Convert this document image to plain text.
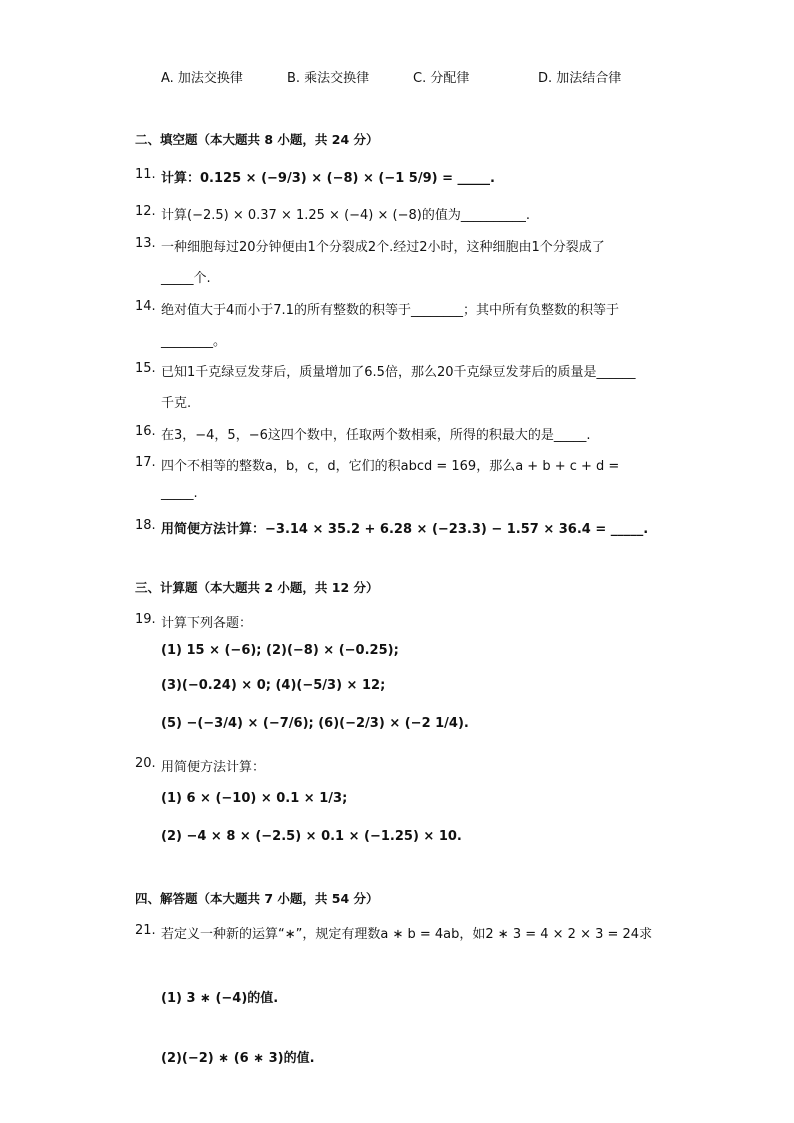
A. 加法交换律	B. 乘法交换律	C. 分配律	D. 加法结合律
二、填空题（本大题共 8 小题，共 24 分）
11. 计算：0.125 × (−9/3) × (−8) × (−1 5/9) = _____.
12. 计算(−2.5) × 0.37 × 1.25 × (−4) × (−8)的值为__________.
13. 一种细胞每过20分钟便由1个分裂成2个.经过2小时，这种细胞由1个分裂成了
_____个.
14. 绝对值大于4而小于7.1的所有整数的积等于________；其中所有负整数的积等于
________。
15. 已知1千克绿豆发芽后，质量增加了6.5倍，那么20千克绿豆发芽后的质量是______
千克.
16. 在3，−4，5，−6这四个数中，任取两个数相乘，所得的积最大的是_____.
17. 四个不相等的整数a，b，c，d，它们的积abcd = 169，那么a + b + c + d =
_____.
18. 用简便方法计算：−3.14 × 35.2 + 6.28 × (−23.3) − 1.57 × 36.4 = _____.
三、计算题（本大题共 2 小题，共 12 分）
19. 计算下列各题：
(1) 15 × (−6); (2)(−8) × (−0.25);
(3)(−0.24) × 0; (4)(−5/3) × 12;
(5) −(−3/4) × (−7/6); (6)(−2/3) × (−2 1/4).
20. 用简便方法计算：
(1) 6 × (−10) × 0.1 × 1/3;
(2) −4 × 8 × (−2.5) × 0.1 × (−1.25) × 10.
四、解答题（本大题共 7 小题，共 54 分）
21. 若定义一种新的运算“∗”，规定有理数a ∗ b = 4ab，如2 ∗ 3 = 4 × 2 × 3 = 24求
(1) 3 ∗ (−4)的值.
(2)(−2) ∗ (6 ∗ 3)的值.
